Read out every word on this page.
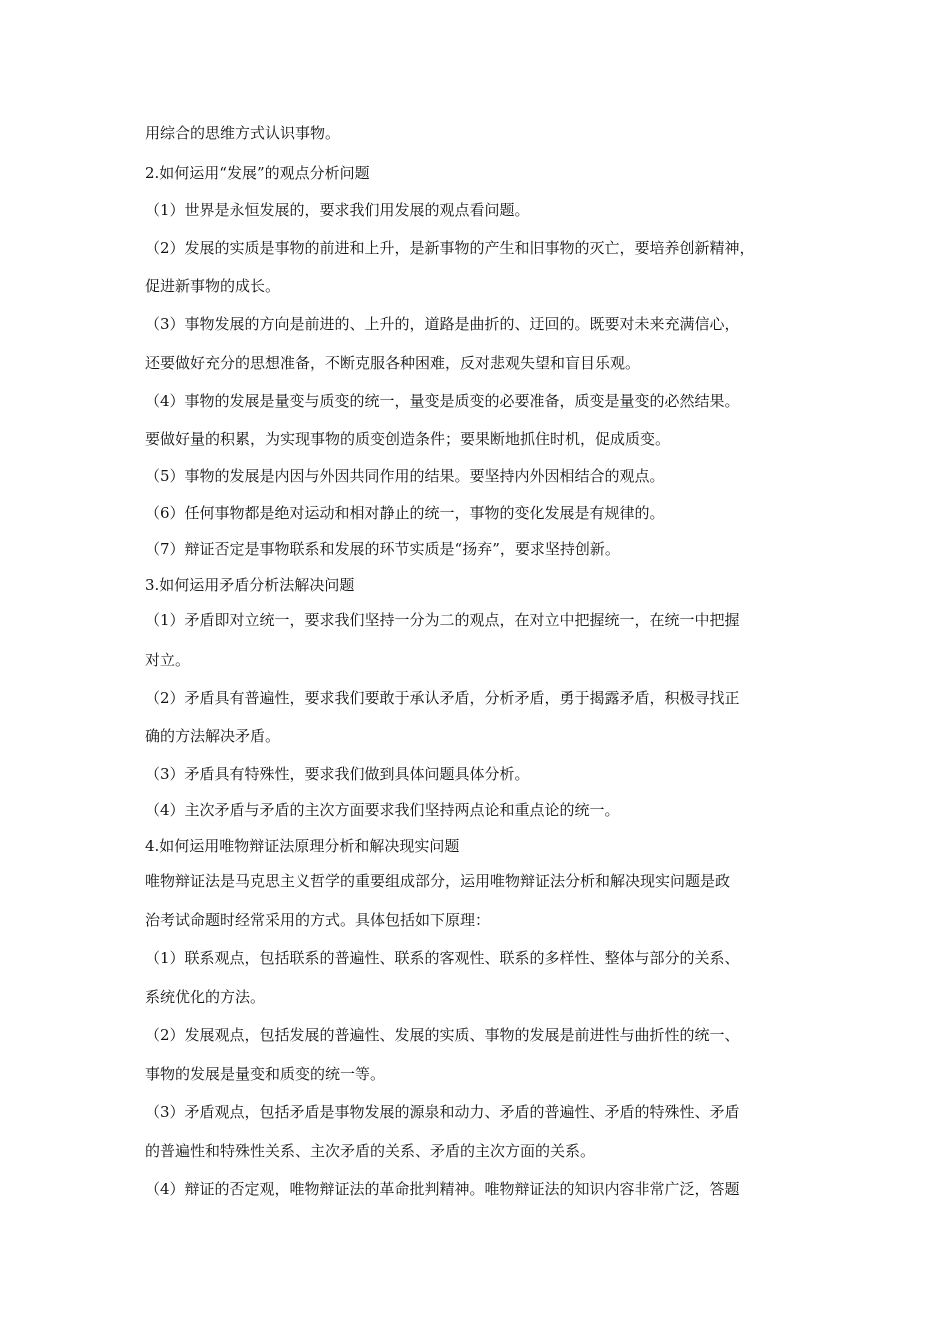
用综合的思维方式认识事物。
2.如何运用“发展”的观点分析问题
（1）世界是永恒发展的，要求我们用发展的观点看问题。
（2）发展的实质是事物的前进和上升，是新事物的产生和旧事物的灭亡，要培养创新精神，
促进新事物的成长。
（3）事物发展的方向是前进的、上升的，道路是曲折的、迂回的。既要对未来充满信心，
还要做好充分的思想准备，不断克服各种困难，反对悲观失望和盲目乐观。
（4）事物的发展是量变与质变的统一，量变是质变的必要准备，质变是量变的必然结果。
要做好量的积累，为实现事物的质变创造条件；要果断地抓住时机，促成质变。
（5）事物的发展是内因与外因共同作用的结果。要坚持内外因相结合的观点。
（6）任何事物都是绝对运动和相对静止的统一，事物的变化发展是有规律的。
（7）辩证否定是事物联系和发展的环节实质是“扬弃”，要求坚持创新。
3.如何运用矛盾分析法解决问题
（1）矛盾即对立统一，要求我们坚持一分为二的观点，在对立中把握统一，在统一中把握
对立。
（2）矛盾具有普遍性，要求我们要敢于承认矛盾，分析矛盾，勇于揭露矛盾，积极寻找正
确的方法解决矛盾。
（3）矛盾具有特殊性，要求我们做到具体问题具体分析。
（4）主次矛盾与矛盾的主次方面要求我们坚持两点论和重点论的统一。
4.如何运用唯物辩证法原理分析和解决现实问题
唯物辩证法是马克思主义哲学的重要组成部分，运用唯物辩证法分析和解决现实问题是政
治考试命题时经常采用的方式。具体包括如下原理：
（1）联系观点，包括联系的普遍性、联系的客观性、联系的多样性、整体与部分的关系、
系统优化的方法。
（2）发展观点，包括发展的普遍性、发展的实质、事物的发展是前进性与曲折性的统一、
事物的发展是量变和质变的统一等。
（3）矛盾观点，包括矛盾是事物发展的源泉和动力、矛盾的普遍性、矛盾的特殊性、矛盾
的普遍性和特殊性关系、主次矛盾的关系、矛盾的主次方面的关系。
（4）辩证的否定观，唯物辩证法的革命批判精神。唯物辩证法的知识内容非常广泛，答题
